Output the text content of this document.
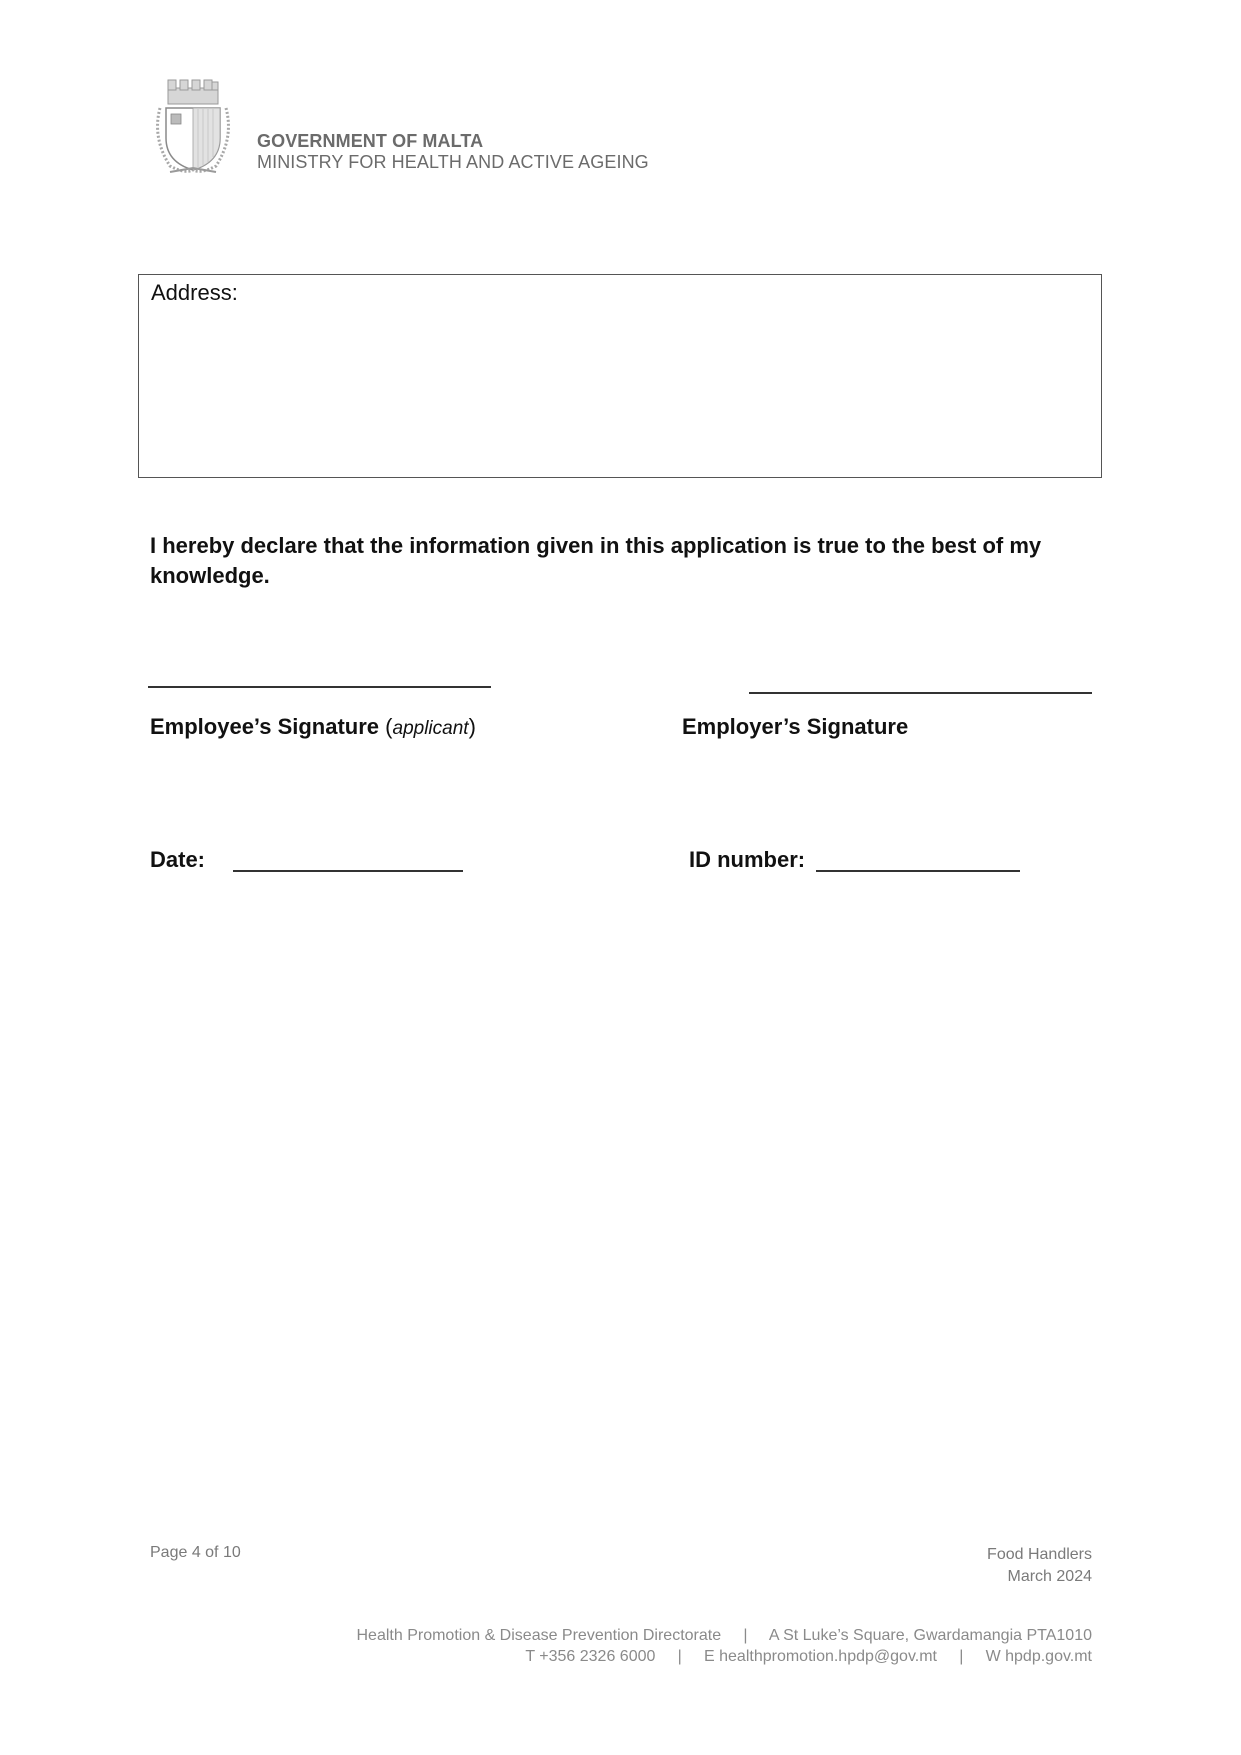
GOVERNMENT OF MALTA
MINISTRY FOR HEALTH AND ACTIVE AGEING
Address:
I hereby declare that the information given in this application is true to the best of my knowledge.
Employee’s Signature (applicant)	Employer’s Signature
Date:	ID number:
Page 4 of 10	Food Handlers
March 2024
Health Promotion & Disease Prevention Directorate     |     A St Luke’s Square, Gwardamangia PTA1010
T +356 2326 6000     |     E healthpromotion.hpdp@gov.mt     |     W hpdp.gov.mt
